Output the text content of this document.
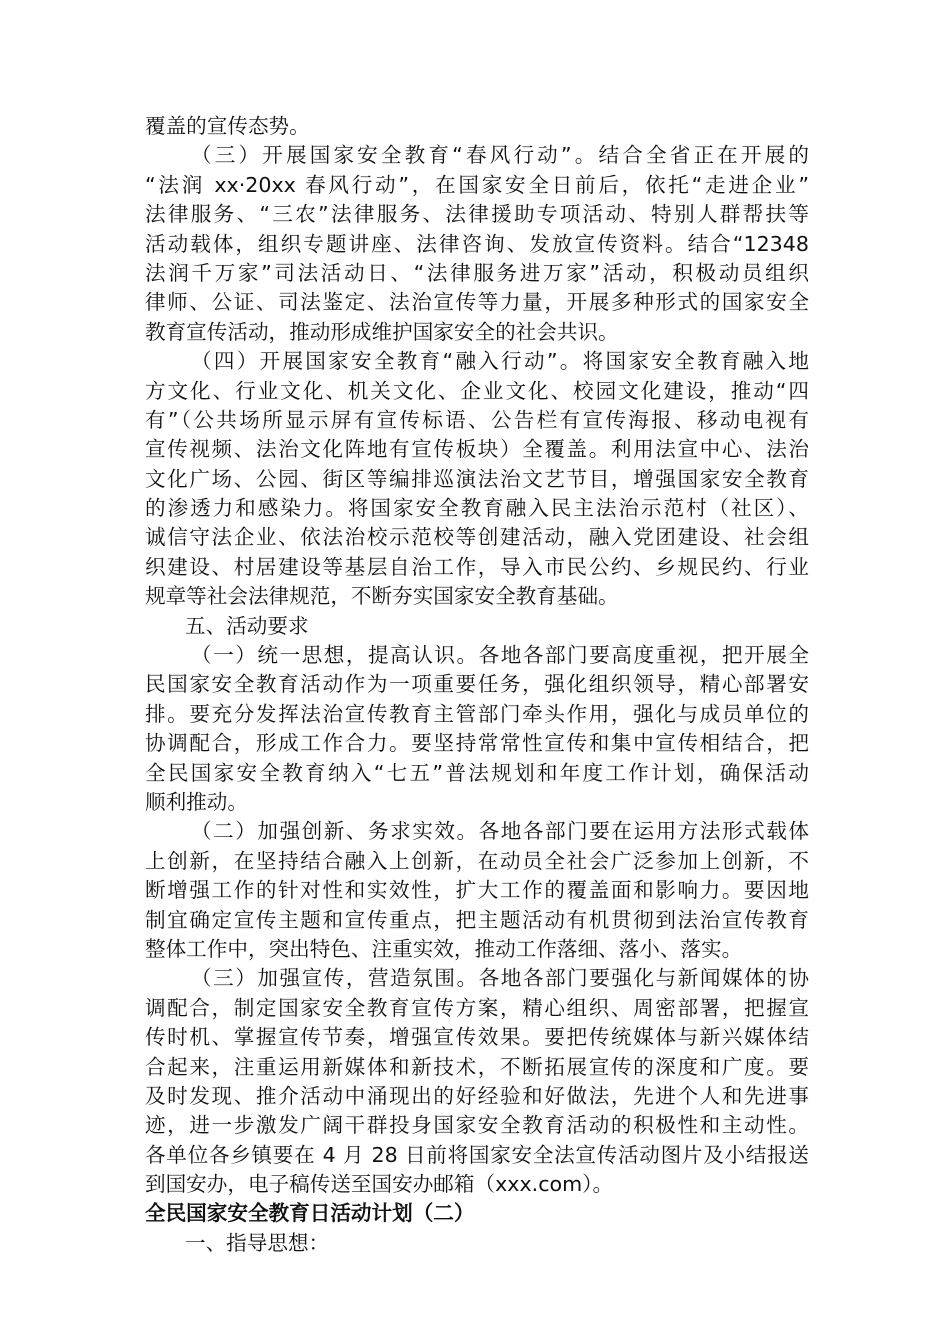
覆盖的宣传态势。
（三）开展国家安全教育“春风行动”。结合全省正在开展的
“法润 xx·20xx 春风行动”，在国家安全日前后，依托“走进企业”
法律服务、“三农”法律服务、法律援助专项活动、特别人群帮扶等
活动载体，组织专题讲座、法律咨询、发放宣传资料。结合“12348
法润千万家”司法活动日、“法律服务进万家”活动，积极动员组织
律师、公证、司法鉴定、法治宣传等力量，开展多种形式的国家安全
教育宣传活动，推动形成维护国家安全的社会共识。
（四）开展国家安全教育“融入行动”。将国家安全教育融入地
方文化、行业文化、机关文化、企业文化、校园文化建设，推动“四
有”（公共场所显示屏有宣传标语、公告栏有宣传海报、移动电视有
宣传视频、法治文化阵地有宣传板块）全覆盖。利用法宣中心、法治
文化广场、公园、街区等编排巡演法治文艺节目，增强国家安全教育
的渗透力和感染力。将国家安全教育融入民主法治示范村（社区）、
诚信守法企业、依法治校示范校等创建活动，融入党团建设、社会组
织建设、村居建设等基层自治工作，导入市民公约、乡规民约、行业
规章等社会法律规范，不断夯实国家安全教育基础。
五、活动要求
（一）统一思想，提高认识。各地各部门要高度重视，把开展全
民国家安全教育活动作为一项重要任务，强化组织领导，精心部署安
排。要充分发挥法治宣传教育主管部门牵头作用，强化与成员单位的
协调配合，形成工作合力。要坚持常常性宣传和集中宣传相结合，把
全民国家安全教育纳入“七五”普法规划和年度工作计划，确保活动
顺利推动。
（二）加强创新、务求实效。各地各部门要在运用方法形式载体
上创新，在坚持结合融入上创新，在动员全社会广泛参加上创新，不
断增强工作的针对性和实效性，扩大工作的覆盖面和影响力。要因地
制宜确定宣传主题和宣传重点，把主题活动有机贯彻到法治宣传教育
整体工作中，突出特色、注重实效，推动工作落细、落小、落实。
（三）加强宣传，营造氛围。各地各部门要强化与新闻媒体的协
调配合，制定国家安全教育宣传方案，精心组织、周密部署，把握宣
传时机、掌握宣传节奏，增强宣传效果。要把传统媒体与新兴媒体结
合起来，注重运用新媒体和新技术，不断拓展宣传的深度和广度。要
及时发现、推介活动中涌现出的好经验和好做法，先进个人和先进事
迹，进一步激发广阔干群投身国家安全教育活动的积极性和主动性。
各单位各乡镇要在 4 月 28 日前将国家安全法宣传活动图片及小结报送
到国安办，电子稿传送至国安办邮箱（xxx.com）。
全民国家安全教育日活动计划（二）
一、指导思想：
